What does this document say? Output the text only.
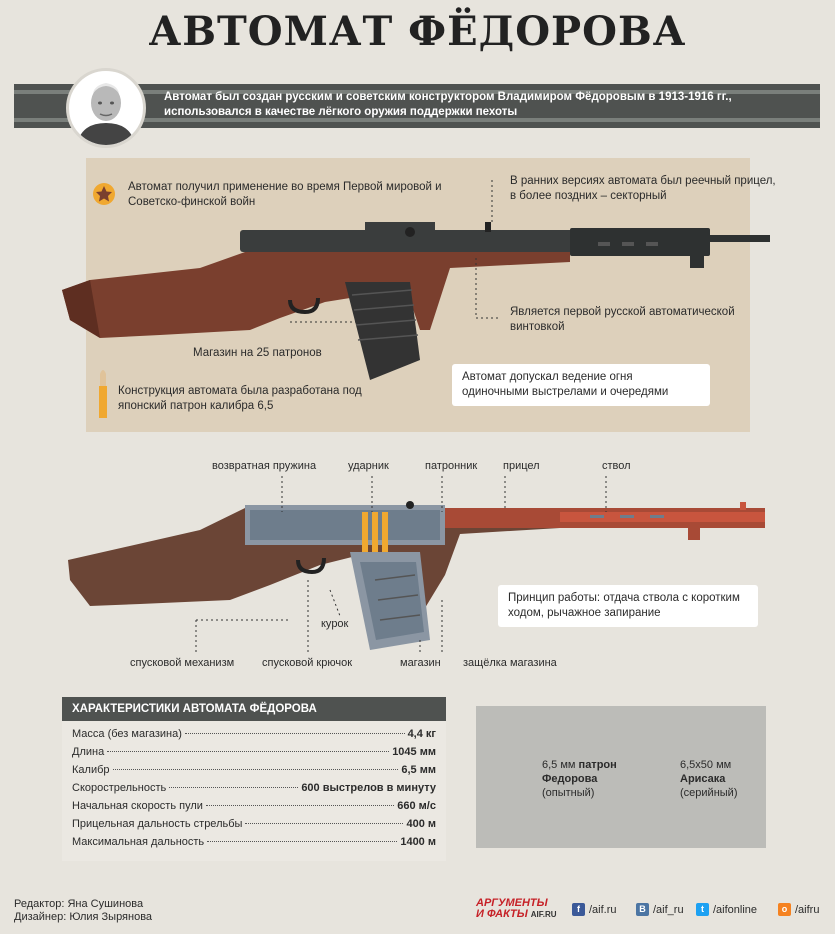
АВТОМАТ ФЁДОРОВА
Автомат был создан русским и советским конструктором Владимиром Фёдоровым в 1913-1916 гг., использовался в качестве лёгкого оружия поддержки пехоты
Автомат получил применение во время Первой мировой и Советско-финской войн
В ранних версиях автомата был реечный прицел, в более поздних – секторный
Является первой русской автоматической винтовкой
Магазин на 25 патронов
Конструкция автомата была разработана под японский патрон калибра 6,5
Автомат допускал ведение огня одиночными выстрелами и очередями
возвратная пружина	ударник	патронник прицел	ствол
курок
спусковой механизм	спусковой крючок	магазин защёлка магазина
Принцип работы: отдача ствола с коротким ходом, рычажное запирание
ХАРАКТЕРИСТИКИ АВТОМАТА ФЁДОРОВА
Масса (без магазина)	4,4 кг
Длина	1045 мм
Калибр	6,5 мм
Скорострельность	600 выстрелов в минуту
Начальная скорость пули	660 м/с
Прицельная дальность стрельбы	400 м
Максимальная дальность	1400 м
6,5 мм патрон Федорова
(опытный)
6,5х50 мм
Арисака
(серийный)
Редактор: Яна Сушинова
Дизайнер: Юлия Зырянова
АРГУМЕНТЫ
И ФАКТЫ AIF.RU
f /aif.ru	B /aif_ru	t /aifonline	o /aifru
